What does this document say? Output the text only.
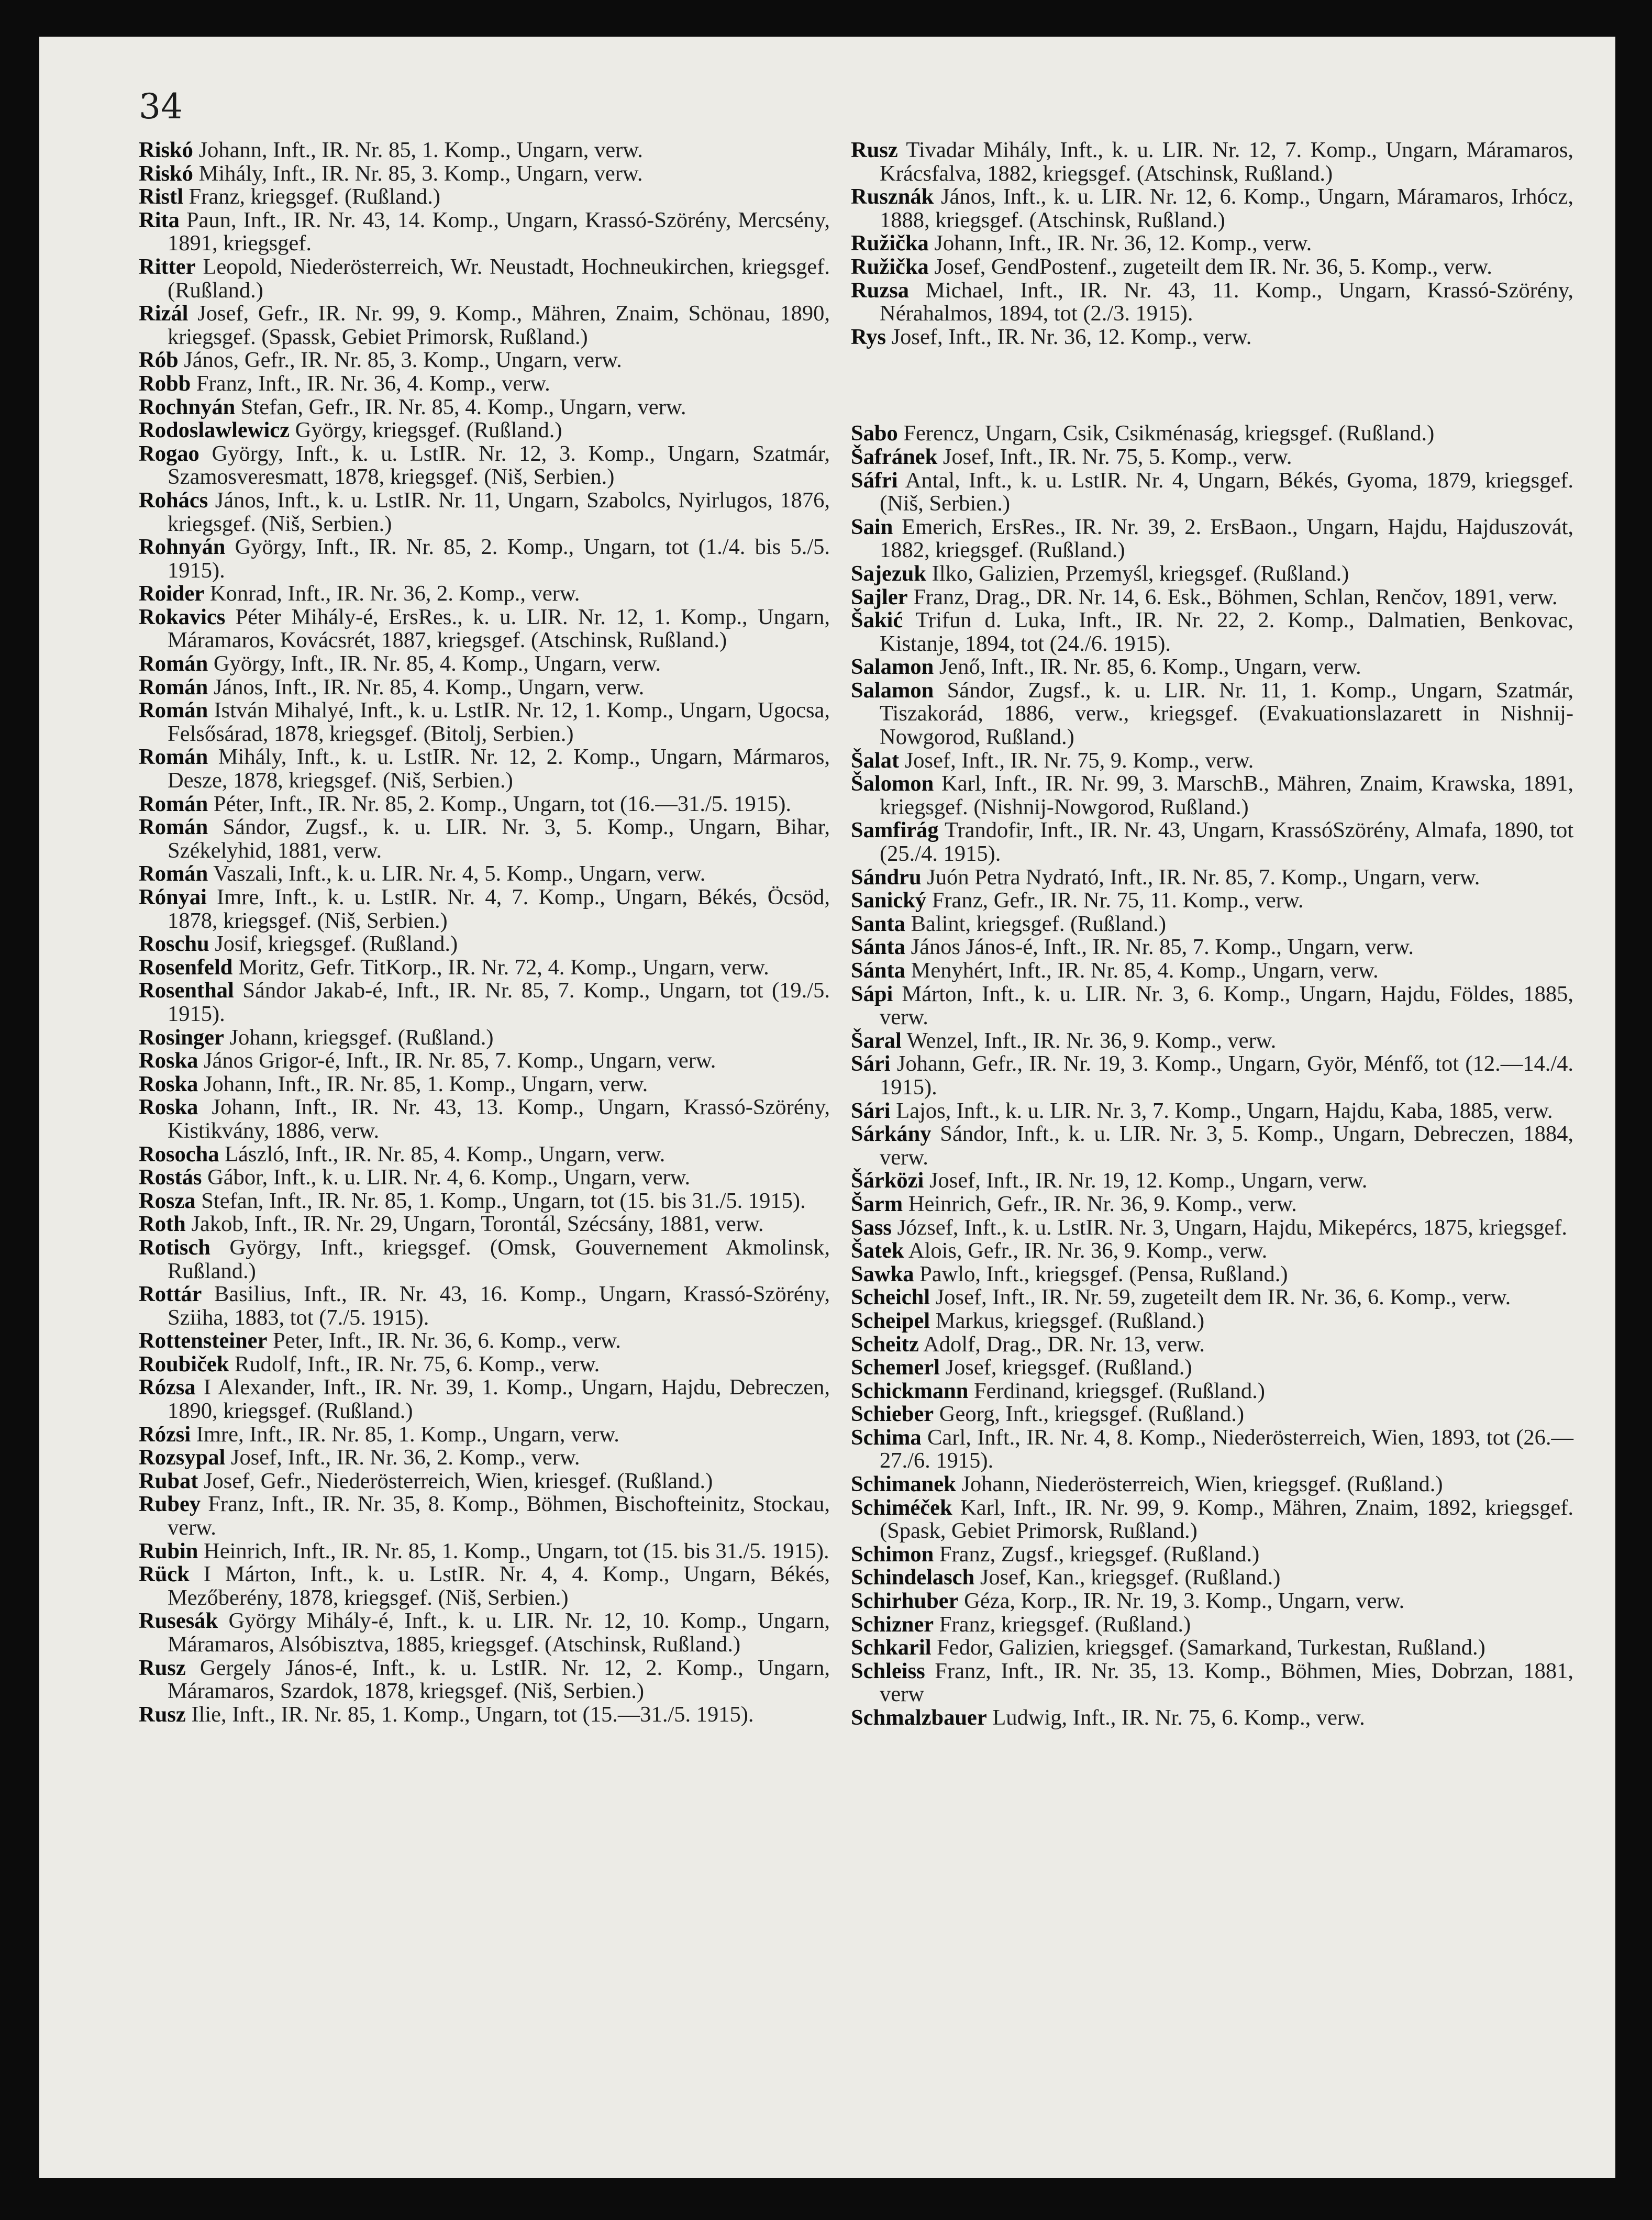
34

Riskó Johann, Inft., IR. Nr. 85, 1. Komp., Ungarn, verw.

Riskó Mihály, Inft., IR. Nr. 85, 3. Komp., Ungarn, verw.

Ristl Franz, kriegsgef. (Rußland.)

Rita Paun, Inft., IR. Nr. 43, 14. Komp., Ungarn, Krassó-Szörény, Mercsény, 1891, kriegsgef.

Ritter Leopold, Niederösterreich, Wr. Neustadt, Hochneukirchen, kriegsgef. (Rußland.)

Rizál Josef, Gefr., IR. Nr. 99, 9. Komp., Mähren, Znaim, Schönau, 1890, kriegsgef. (Spassk, Gebiet Primorsk, Rußland.)

Rób János, Gefr., IR. Nr. 85, 3. Komp., Ungarn, verw.

Robb Franz, Inft., IR. Nr. 36, 4. Komp., verw.

Rochnyán Stefan, Gefr., IR. Nr. 85, 4. Komp., Ungarn, verw.

Rodoslawlewicz György, kriegsgef. (Rußland.)

Rogao György, Inft., k. u. LstIR. Nr. 12, 3. Komp., Ungarn, Szatmár, Szamosveresmatt, 1878, kriegsgef. (Niš, Serbien.)

Rohács János, Inft., k. u. LstIR. Nr. 11, Ungarn, Szabolcs, Nyirlugos, 1876, kriegsgef. (Niš, Serbien.)

Rohnyán György, Inft., IR. Nr. 85, 2. Komp., Ungarn, tot (1./4. bis 5./5. 1915).

Roider Konrad, Inft., IR. Nr. 36, 2. Komp., verw.

Rokavics Péter Mihály-é, ErsRes., k. u. LIR. Nr. 12, 1. Komp., Ungarn, Máramaros, Kovácsrét, 1887, kriegsgef. (Atschinsk, Rußland.)

Román György, Inft., IR. Nr. 85, 4. Komp., Ungarn, verw.

Román János, Inft., IR. Nr. 85, 4. Komp., Ungarn, verw.

Román István Mihalyé, Inft., k. u. LstIR. Nr. 12, 1. Komp., Ungarn, Ugocsa, Felsősárad, 1878, kriegsgef. (Bitolj, Serbien.)

Román Mihály, Inft., k. u. LstIR. Nr. 12, 2. Komp., Ungarn, Mármaros, Desze, 1878, kriegsgef. (Niš, Serbien.)

Román Péter, Inft., IR. Nr. 85, 2. Komp., Ungarn, tot (16.—31./5. 1915).

Román Sándor, Zugsf., k. u. LIR. Nr. 3, 5. Komp., Ungarn, Bihar, Székelyhid, 1881, verw.

Román Vaszali, Inft., k. u. LIR. Nr. 4, 5. Komp., Ungarn, verw.

Rónyai Imre, Inft., k. u. LstIR. Nr. 4, 7. Komp., Ungarn, Békés, Öcsöd, 1878, kriegsgef. (Niš, Serbien.)

Roschu Josif, kriegsgef. (Rußland.)

Rosenfeld Moritz, Gefr. TitKorp., IR. Nr. 72, 4. Komp., Ungarn, verw.

Rosenthal Sándor Jakab-é, Inft., IR. Nr. 85, 7. Komp., Ungarn, tot (19./5. 1915).

Rosinger Johann, kriegsgef. (Rußland.)

Roska János Grigor-é, Inft., IR. Nr. 85, 7. Komp., Ungarn, verw.

Roska Johann, Inft., IR. Nr. 85, 1. Komp., Ungarn, verw.

Roska Johann, Inft., IR. Nr. 43, 13. Komp., Ungarn, Krassó-Szörény, Kistikvány, 1886, verw.

Rosocha László, Inft., IR. Nr. 85, 4. Komp., Ungarn, verw.

Rostás Gábor, Inft., k. u. LIR. Nr. 4, 6. Komp., Ungarn, verw.

Rosza Stefan, Inft., IR. Nr. 85, 1. Komp., Ungarn, tot (15. bis 31./5. 1915).

Roth Jakob, Inft., IR. Nr. 29, Ungarn, Torontál, Szécsány, 1881, verw.

Rotisch György, Inft., kriegsgef. (Omsk, Gouvernement Akmolinsk, Rußland.)

Rottár Basilius, Inft., IR. Nr. 43, 16. Komp., Ungarn, Krassó-Szörény, Sziiha, 1883, tot (7./5. 1915).

Rottensteiner Peter, Inft., IR. Nr. 36, 6. Komp., verw.

Roubiček Rudolf, Inft., IR. Nr. 75, 6. Komp., verw.

Rózsa I Alexander, Inft., IR. Nr. 39, 1. Komp., Ungarn, Hajdu, Debreczen, 1890, kriegsgef. (Rußland.)

Rózsi Imre, Inft., IR. Nr. 85, 1. Komp., Ungarn, verw.

Rozsypal Josef, Inft., IR. Nr. 36, 2. Komp., verw.

Rubat Josef, Gefr., Niederösterreich, Wien, kriesgef. (Rußland.)

Rubey Franz, Inft., IR. Nr. 35, 8. Komp., Böhmen, Bischofteinitz, Stockau, verw.

Rubin Heinrich, Inft., IR. Nr. 85, 1. Komp., Ungarn, tot (15. bis 31./5. 1915).

Rück I Márton, Inft., k. u. LstIR. Nr. 4, 4. Komp., Ungarn, Békés, Mezőberény, 1878, kriegsgef. (Niš, Serbien.)

Rusesák György Mihály-é, Inft., k. u. LIR. Nr. 12, 10. Komp., Ungarn, Máramaros, Alsóbisztva, 1885, kriegsgef. (Atschinsk, Rußland.)

Rusz Gergely János-é, Inft., k. u. LstIR. Nr. 12, 2. Komp., Ungarn, Máramaros, Szardok, 1878, kriegsgef. (Niš, Serbien.)

Rusz Ilie, Inft., IR. Nr. 85, 1. Komp., Ungarn, tot (15.—31./5. 1915).

Rusz Tivadar Mihály, Inft., k. u. LIR. Nr. 12, 7. Komp., Ungarn, Máramaros, Krácsfalva, 1882, kriegsgef. (Atschinsk, Rußland.)

Rusznák János, Inft., k. u. LIR. Nr. 12, 6. Komp., Ungarn, Máramaros, Irhócz, 1888, kriegsgef. (Atschinsk, Rußland.)

Ružička Johann, Inft., IR. Nr. 36, 12. Komp., verw.

Ružička Josef, GendPostenf., zugeteilt dem IR. Nr. 36, 5. Komp., verw.

Ruzsa Michael, Inft., IR. Nr. 43, 11. Komp., Ungarn, Krassó-Szörény, Nérahalmos, 1894, tot (2./3. 1915).

Rys Josef, Inft., IR. Nr. 36, 12. Komp., verw.

Sabo Ferencz, Ungarn, Csik, Csikménaság, kriegsgef. (Rußland.)

Šafránek Josef, Inft., IR. Nr. 75, 5. Komp., verw.

Sáfri Antal, Inft., k. u. LstIR. Nr. 4, Ungarn, Békés, Gyoma, 1879, kriegsgef. (Niš, Serbien.)

Sain Emerich, ErsRes., IR. Nr. 39, 2. ErsBaon., Ungarn, Hajdu, Hajduszovát, 1882, kriegsgef. (Rußland.)

Sajezuk Ilko, Galizien, Przemyśl, kriegsgef. (Rußland.)

Sajler Franz, Drag., DR. Nr. 14, 6. Esk., Böhmen, Schlan, Renčov, 1891, verw.

Šakić Trifun d. Luka, Inft., IR. Nr. 22, 2. Komp., Dalmatien, Benkovac, Kistanje, 1894, tot (24./6. 1915).

Salamon Jenő, Inft., IR. Nr. 85, 6. Komp., Ungarn, verw.

Salamon Sándor, Zugsf., k. u. LIR. Nr. 11, 1. Komp., Ungarn, Szatmár, Tiszakorád, 1886, verw., kriegsgef. (Evakuationslazarett in Nishnij-Nowgorod, Rußland.)

Šalat Josef, Inft., IR. Nr. 75, 9. Komp., verw.

Šalomon Karl, Inft., IR. Nr. 99, 3. MarschB., Mähren, Znaim, Krawska, 1891, kriegsgef. (Nishnij-Nowgorod, Rußland.)

Samfirág Trandofir, Inft., IR. Nr. 43, Ungarn, KrassóSzörény, Almafa, 1890, tot (25./4. 1915).

Sándru Juón Petra Nydrató, Inft., IR. Nr. 85, 7. Komp., Ungarn, verw.

Sanický Franz, Gefr., IR. Nr. 75, 11. Komp., verw.

Santa Balint, kriegsgef. (Rußland.)

Sánta János János-é, Inft., IR. Nr. 85, 7. Komp., Ungarn, verw.

Sánta Menyhért, Inft., IR. Nr. 85, 4. Komp., Ungarn, verw.

Sápi Márton, Inft., k. u. LIR. Nr. 3, 6. Komp., Ungarn, Hajdu, Földes, 1885, verw.

Šaral Wenzel, Inft., IR. Nr. 36, 9. Komp., verw.

Sári Johann, Gefr., IR. Nr. 19, 3. Komp., Ungarn, Györ, Ménfő, tot (12.—14./4. 1915).

Sári Lajos, Inft., k. u. LIR. Nr. 3, 7. Komp., Ungarn, Hajdu, Kaba, 1885, verw.

Sárkány Sándor, Inft., k. u. LIR. Nr. 3, 5. Komp., Ungarn, Debreczen, 1884, verw.

Šárközi Josef, Inft., IR. Nr. 19, 12. Komp., Ungarn, verw.

Šarm Heinrich, Gefr., IR. Nr. 36, 9. Komp., verw.

Sass József, Inft., k. u. LstIR. Nr. 3, Ungarn, Hajdu, Mikepércs, 1875, kriegsgef.

Šatek Alois, Gefr., IR. Nr. 36, 9. Komp., verw.

Sawka Pawlo, Inft., kriegsgef. (Pensa, Rußland.)

Scheichl Josef, Inft., IR. Nr. 59, zugeteilt dem IR. Nr. 36, 6. Komp., verw.

Scheipel Markus, kriegsgef. (Rußland.)

Scheitz Adolf, Drag., DR. Nr. 13, verw.

Schemerl Josef, kriegsgef. (Rußland.)

Schickmann Ferdinand, kriegsgef. (Rußland.)

Schieber Georg, Inft., kriegsgef. (Rußland.)

Schima Carl, Inft., IR. Nr. 4, 8. Komp., Niederösterreich, Wien, 1893, tot (26.—27./6. 1915).

Schimanek Johann, Niederösterreich, Wien, kriegsgef. (Rußland.)

Schiméček Karl, Inft., IR. Nr. 99, 9. Komp., Mähren, Znaim, 1892, kriegsgef. (Spask, Gebiet Primorsk, Rußland.)

Schimon Franz, Zugsf., kriegsgef. (Rußland.)

Schindelasch Josef, Kan., kriegsgef. (Rußland.)

Schirhuber Géza, Korp., IR. Nr. 19, 3. Komp., Ungarn, verw.

Schizner Franz, kriegsgef. (Rußland.)

Schkaril Fedor, Galizien, kriegsgef. (Samarkand, Turkestan, Rußland.)

Schleiss Franz, Inft., IR. Nr. 35, 13. Komp., Böhmen, Mies, Dobrzan, 1881, verw

Schmalzbauer Ludwig, Inft., IR. Nr. 75, 6. Komp., verw.
